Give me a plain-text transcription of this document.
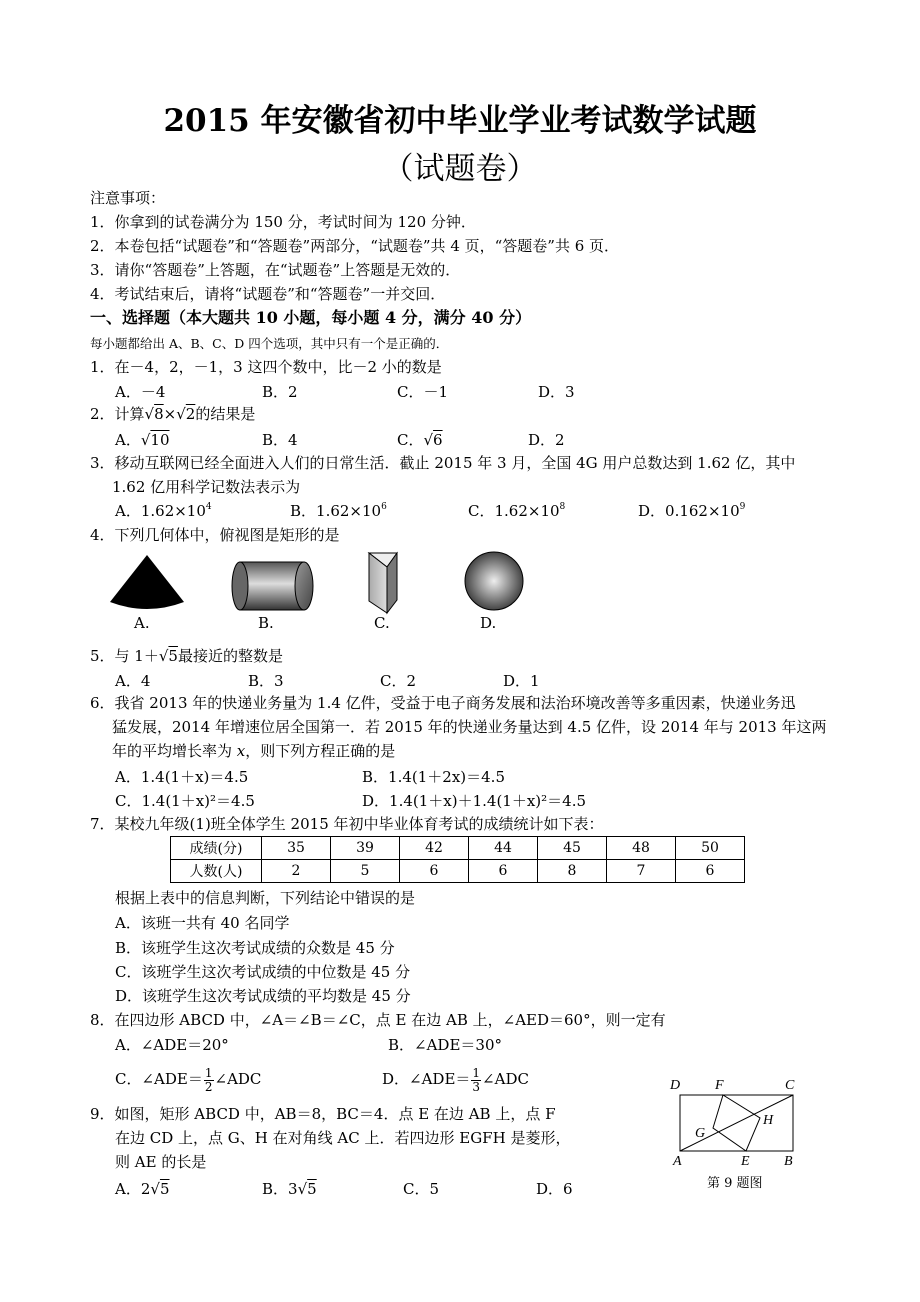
2015 年安徽省初中毕业学业考试数学试题
（试题卷）
注意事项：
1．你拿到的试卷满分为 150 分，考试时间为 120 分钟．
2．本卷包括“试题卷”和“答题卷”两部分，“试题卷”共 4 页，“答题卷”共 6 页．
3．请你“答题卷”上答题，在“试题卷”上答题是无效的．
4．考试结束后，请将“试题卷”和“答题卷”一并交回．
一、选择题（本大题共 10 小题，每小题 4 分，满分 40 分）
每小题都给出 A、B、C、D 四个选项，其中只有一个是正确的．
1．在－4，2，－1，3 这四个数中，比－2 小的数是
A．－4	B．2	C．－1	D．3
2．计算√8×√2的结果是
A．√10	B．4	C．√6	D．2
3．移动互联网已经全面进入人们的日常生活．截止 2015 年 3 月，全国 4G 用户总数达到 1.62 亿，其中
1.62 亿用科学记数法表示为
A．$1.62\times 10^4$	B．$1.62\times 10^6$	C．$1.62\times 10^8$	D．$0.162\times 10^9$
4．下列几何体中，俯视图是矩形的是
A.	B.	C.	D.
5．与 1＋√5最接近的整数是
A．4	B．3	C．2	D．1
6．我省 2013 年的快递业务量为 1.4 亿件，受益于电子商务发展和法治环境改善等多重因素，快递业务迅
猛发展，2014 年增速位居全国第一．若 2015 年的快递业务量达到 4.5 亿件，设 2014 年与 2013 年这两
年的平均增长率为 x，则下列方程正确的是
A．1.4(1＋x)＝4.5	B．1.4(1＋2x)＝4.5
C．1.4(1＋x)²＝4.5	D．1.4(1＋x)＋1.4(1＋x)²＝4.5
7．某校九年级(1)班全体学生 2015 年初中毕业体育考试的成绩统计如下表：
成绩(分)	35	39	42	44	45	48	50
人数(人)	2	5	6	6	8	7	6
根据上表中的信息判断，下列结论中错误的是
A．该班一共有 40 名同学
B．该班学生这次考试成绩的众数是 45 分
C．该班学生这次考试成绩的中位数是 45 分
D．该班学生这次考试成绩的平均数是 45 分
8．在四边形 ABCD 中，∠A＝∠B＝∠C，点 E 在边 AB 上，∠AED＝60°，则一定有
A．∠ADE＝20°	B．∠ADE＝30°
C．∠ADE＝ $\frac{1}{2}$ ∠ADC	D．∠ADE＝ $\frac{1}{3}$ ∠ADC
9．如图，矩形 ABCD 中，AB＝8，BC＝4．点 E 在边 AB 上，点 F
在边 CD 上，点 G、H 在对角线 AC 上．若四边形 EGFH 是菱形，
则 AE 的长是
A．2√5	B．3√5	C．5	D．6
D F	C
H
G
A	E B
第 9 题图
